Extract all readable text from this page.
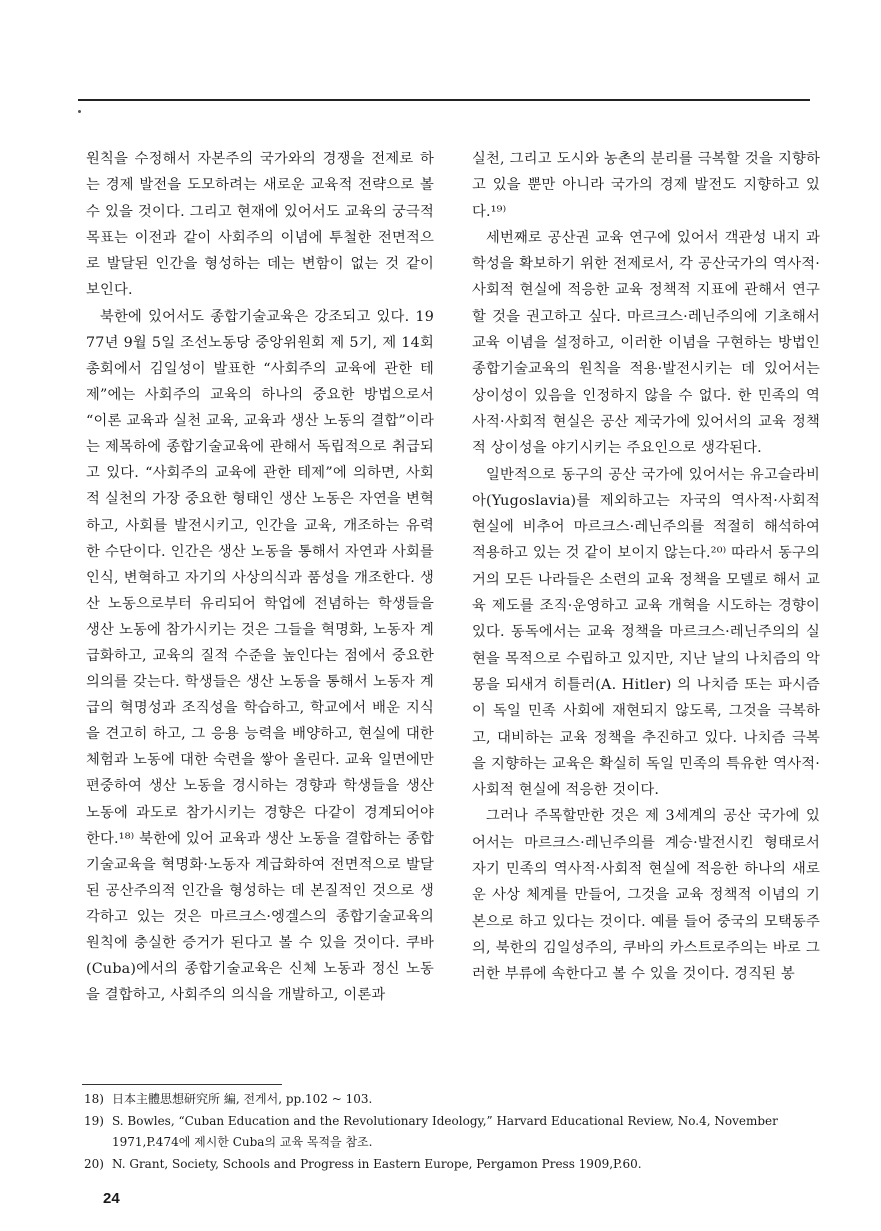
원칙을 수정해서 자본주의 국가와의 경쟁을 전제로 하는 경제 발전을 도모하려는 새로운 교육적 전략으로 볼 수 있을 것이다. 그리고 현재에 있어서도 교육의 궁극적 목표는 이전과 같이 사회주의 이념에 투철한 전면적으로 발달된 인간을 형성하는 데는 변함이 없는 것 같이 보인다.

북한에 있어서도 종합기술교육은 강조되고 있다. 1977년 9월 5일 조선노동당 중앙위원회 제 5기, 제 14회 총회에서 김일성이 발표한 “사회주의 교육에 관한 테제”에는 사회주의 교육의 하나의 중요한 방법으로서 “이론 교육과 실천 교육, 교육과 생산 노동의 결합”이라는 제목하에 종합기술교육에 관해서 독립적으로 취급되고 있다. “사회주의 교육에 관한 테제”에 의하면, 사회적 실천의 가장 중요한 형태인 생산 노동은 자연을 변혁하고, 사회를 발전시키고, 인간을 교육, 개조하는 유력한 수단이다. 인간은 생산 노동을 통해서 자연과 사회를 인식, 변혁하고 자기의 사상의식과 품성을 개조한다. 생산 노동으로부터 유리되어 학업에 전념하는 학생들을 생산 노동에 참가시키는 것은 그들을 혁명화, 노동자 계급화하고, 교육의 질적 수준을 높인다는 점에서 중요한 의의를 갖는다. 학생들은 생산 노동을 통해서 노동자 계급의 혁명성과 조직성을 학습하고, 학교에서 배운 지식을 견고히 하고, 그 응용 능력을 배양하고, 현실에 대한 체험과 노동에 대한 숙련을 쌓아 올린다. 교육 일면에만 편중하여 생산 노동을 경시하는 경향과 학생들을 생산 노동에 과도로 참가시키는 경향은 다같이 경계되어야 한다.¹⁸⁾ 북한에 있어 교육과 생산 노동을 결합하는 종합기술교육을 혁명화·노동자 계급화하여 전면적으로 발달된 공산주의적 인간을 형성하는 데 본질적인 것으로 생각하고 있는 것은 마르크스·엥겔스의 종합기술교육의 원칙에 충실한 증거가 된다고 볼 수 있을 것이다. 쿠바(Cuba)에서의 종합기술교육은 신체 노동과 정신 노동을 결합하고, 사회주의 의식을 개발하고, 이론과

실천, 그리고 도시와 농촌의 분리를 극복할 것을 지향하고 있을 뿐만 아니라 국가의 경제 발전도 지향하고 있다.¹⁹⁾

세번째로 공산권 교육 연구에 있어서 객관성 내지 과학성을 확보하기 위한 전제로서, 각 공산국가의 역사적·사회적 현실에 적응한 교육 정책적 지표에 관해서 연구할 것을 권고하고 싶다. 마르크스·레닌주의에 기초해서 교육 이념을 설정하고, 이러한 이념을 구현하는 방법인 종합기술교육의 원칙을 적용·발전시키는 데 있어서는 상이성이 있음을 인정하지 않을 수 없다. 한 민족의 역사적·사회적 현실은 공산 제국가에 있어서의 교육 정책적 상이성을 야기시키는 주요인으로 생각된다.

일반적으로 동구의 공산 국가에 있어서는 유고슬라비아(Yugoslavia)를 제외하고는 자국의 역사적·사회적 현실에 비추어 마르크스·레닌주의를 적절히 해석하여 적용하고 있는 것 같이 보이지 않는다.²⁰⁾ 따라서 동구의 거의 모든 나라들은 소련의 교육 정책을 모델로 해서 교육 제도를 조직·운영하고 교육 개혁을 시도하는 경향이 있다. 동독에서는 교육 정책을 마르크스·레닌주의의 실현을 목적으로 수립하고 있지만, 지난 날의 나치즘의 악몽을 되새겨 히틀러(A. Hitler) 의 나치즘 또는 파시즘이 독일 민족 사회에 재현되지 않도록, 그것을 극복하고, 대비하는 교육 정책을 추진하고 있다. 나치즘 극복을 지향하는 교육은 확실히 독일 민족의 특유한 역사적·사회적 현실에 적응한 것이다.

그러나 주목할만한 것은 제 3세계의 공산 국가에 있어서는 마르크스·레닌주의를 계승·발전시킨 형태로서 자기 민족의 역사적·사회적 현실에 적응한 하나의 새로운 사상 체계를 만들어, 그것을 교육 정책적 이념의 기본으로 하고 있다는 것이다. 예를 들어 중국의 모택동주의, 북한의 김일성주의, 쿠바의 카스트로주의는 바로 그러한 부류에 속한다고 볼 수 있을 것이다. 경직된 봉

18) 日本主體思想研究所 編, 전게서, pp.102 ~ 103.
19) S. Bowles, “Cuban Education and the Revolutionary Ideology,” Harvard Educational Review, No.4, November
1971,P.474에 제시한 Cuba의 교육 목적을 참조.
20) N. Grant, Society, Schools and Progress in Eastern Europe, Pergamon Press 1909,P.60.
24
